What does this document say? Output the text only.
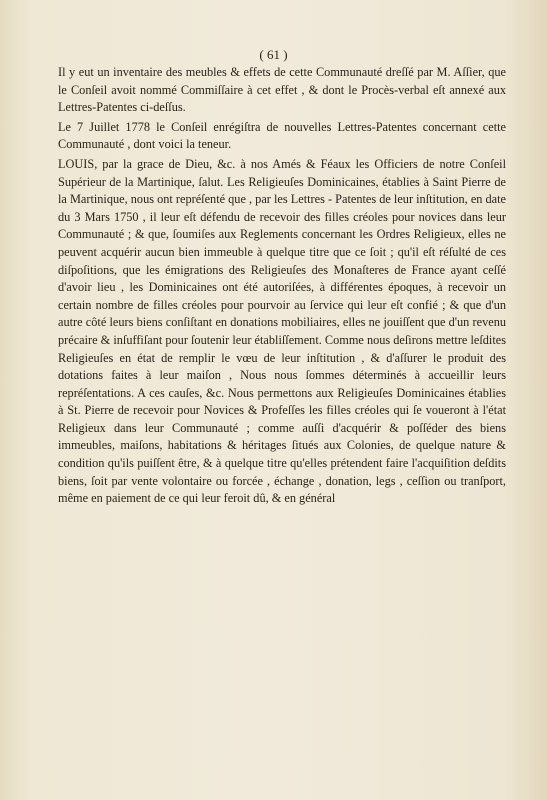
( 61 )

Il y eut un inventaire des meubles & effets de cette Communauté dreſſé par M. Aſſier, que le Conſeil avoit nommé Commiſſaire à cet effet , & dont le Procès-verbal eſt annexé aux Lettres-Patentes ci-deſſus.

Le 7 Juillet 1778 le Conſeil enrégiſtra de nouvelles Lettres-Patentes concernant cette Communauté , dont voici la teneur.

LOUIS, par la grace de Dieu, &c. à nos Amés & Féaux les Officiers de notre Conſeil Supérieur de la Martinique, ſalut. Les Religieuſes Dominicaines, établies à Saint Pierre de la Martinique, nous ont repréſenté que , par les Lettres - Patentes de leur inſtitution, en date du 3 Mars 1750 , il leur eſt défendu de recevoir des filles créoles pour novices dans leur Communauté ; & que, ſoumiſes aux Reglements concernant les Ordres Religieux, elles ne peuvent acquérir aucun bien immeuble à quelque titre que ce ſoit ; qu'il eſt réſulté de ces diſpoſitions, que les émigrations des Religieuſes des Monaſteres de France ayant ceſſé d'avoir lieu , les Dominicaines ont été autoriſées, à différentes époques, à recevoir un certain nombre de filles créoles pour pourvoir au ſervice qui leur eſt confié ; & que d'un autre côté leurs biens conſiſtant en donations mobiliaires, elles ne jouiſſent que d'un revenu précaire & inſuffiſant pour ſoutenir leur établiſſement. Comme nous deſirons mettre leſdites Religieuſes en état de remplir le vœu de leur inſtitution , & d'aſſurer le produit des dotations faites à leur maiſon , Nous nous ſommes déterminés à accueillir leurs repréſentations. A ces cauſes, &c. Nous permettons aux Religieuſes Dominicaines établies à St. Pierre de recevoir pour Novices & Profeſſes les filles créoles qui ſe voueront à l'état Religieux dans leur Communauté ; comme auſſi d'acquérir & poſſéder des biens immeubles, maiſons, habitations & héritages ſitués aux Colonies, de quelque nature & condition qu'ils puiſſent être, & à quelque titre qu'elles prétendent faire l'acquiſition deſdits biens, ſoit par vente volontaire ou forcée , échange , donation, legs , ceſſion ou tranſport, même en paiement de ce qui leur feroit dû, & en général
